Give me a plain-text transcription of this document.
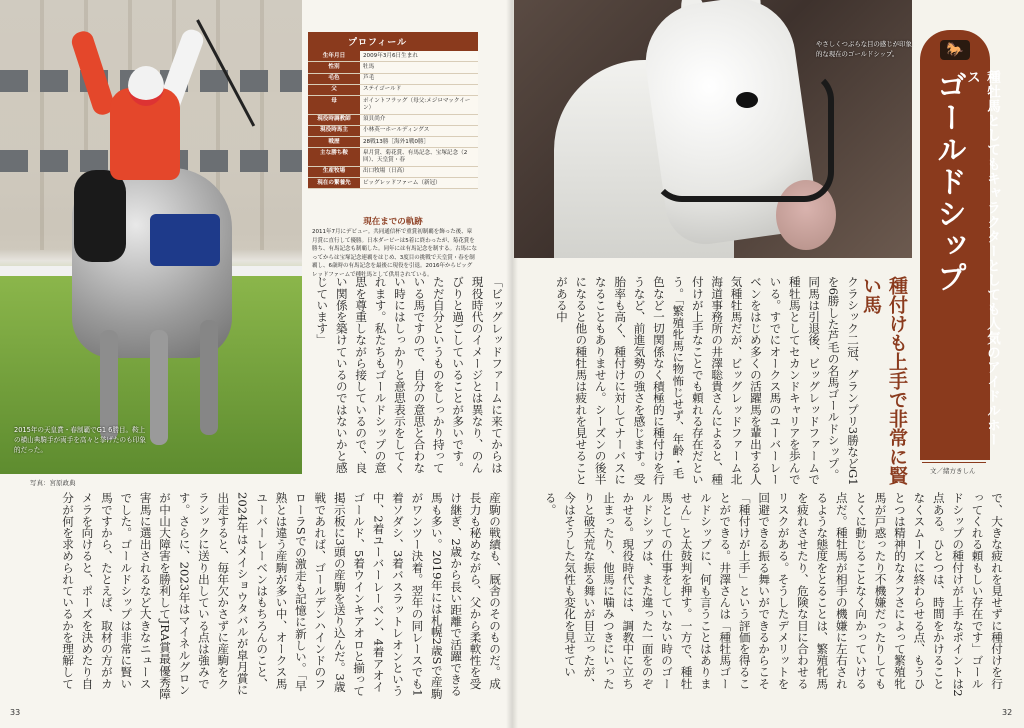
2015年の天皇賞・春制覇でG1 6勝目。鞍上の横山典騎手が両手を高々と挙げたのも印象的だった。
写真：宮原政典
プロフィール
生年月日	2009年3月6日生まれ
性別	牡馬
毛色	芦毛
父	ステイゴールド
母	ポイントフラッグ（母父:メジロマックイーン）
現役時調教師	須貝尚介
現役時馬主	小林英一ホールディングス
戦歴	28戦13勝［海外1戦0勝］
主な勝ち鞍	皐月賞、菊花賞、有馬記念、宝塚記念（2回）、天皇賞・春
生産牧場	出口牧場（日高）
現在の繋養先	ビッグレッドファーム（新冠）
現在までの軌跡
2011年7月にデビュー。共同通信杯で重賞初制覇を飾った後、皐月賞に直行して優勝。日本ダービーは5着に終わったが、菊花賞を勝ち、有馬記念も制覇した。同年には有馬記念を制する。古馬になってからは宝塚記念連覇をはじめ、3度目の挑戦で天皇賞・春を制覇し、6歳時の有馬記念を最後に現役を引退。2016年からビッグレッドファームで種牡馬として供用されている。
「ビッグレッドファームに来てからは現役時代のイメージとは異なり、のんびりと過ごしていることが多いです。ただ自分というものをしっかり持っている馬ですので、自分の意思と合わない時にはしっかりと意思表示をしてくれます。私たちもゴールドシップの意思を尊重しながら接しているので、良い関係を築けているのではないかと感じています」
産駒の戦績も、厩舎のそのものだ。成長力も秘めながら、父から柔軟性を受け継ぎ、2歳から長い距離で活躍できる馬も多い。2019年には札幌2歳Sで産駒がワンツー決着。翌年の同レースでも1着ソダシ、3着バスラットレオンという中、2着ユーバーレーベン、4着アオイゴールド、5着ウインキアオロと揃って掲示板に3頭の産駒を送り込んだ。3歳戦であれば、ゴールデンハインドのフローラSでの激走も記憶に新しい。「早熟とは違う産駒が多い中、オークス馬ユーバーレーベンはもちろんのこと、2024年はメイショウタバルが皐月賞に出走すると、毎年欠かさずに産駒をクラシックに送り出している点は強みです。さらに、2023年はマイネルグロンが中山大障害を勝利してJRA賞最優秀障害馬に選出されるなど大きなニュースでした。ゴールドシップは非常に賢い馬ですから、たとえば、取材の方がカメラを向けると、ポーズを決めたり自分が何を求められているかを理解して
やさしくつぶらな目の感じが印象的な現在のゴールドシップ。	🐎
種牡馬としてもキャラクターとしても人気のアイドルホース
ゴールドシップ
文／緒方きしん
種付けも上手で非常に賢い馬
クラシック二冠、グランプリ3勝などG1を6勝した芦毛の名馬ゴールドシップ。同馬は引退後、ビッグレッドファームで種牡馬としてセカンドキャリアを歩んでいる。すでにオークス馬のユーバーレーベンをはじめ多くの活躍馬を輩出する人気種牡馬だが、ビッグレッドファーム北海道事務所の井澤聡貴さんによると、種付けが上手なことでも頼れる存在だという。「繁殖牝馬に物怖じせず、年齢・毛色など一切関係なく積極的に種付けを行うなど、前進気勢の強さを感じます。受胎率も高く、種付けに対してナーバスになることもありません。シーズンの後半になると他の種牡馬は疲れを見せることがある中
で、大きな疲れを見せずに種付けを行ってくれる頼もしい存在です」ゴールドシップの種付けが上手なポイントは2点ある。ひとつは、時間をかけることなくスムーズに終わらせる点、もうひとつは精神的なタフさによって繁殖牝馬が戸惑ったり不機嫌だったりしてもとくに動じることなく向かっていける点だ。種牡馬が相手の機嫌に左右されるような態度をとることは、繁殖牝馬を疲れさせたり、危険な目に合わせるリスクがある。そうしたデメリットを回避できる振る舞いができるからこそ「種付けが上手」という評価を得ることができる。井澤さんは「種牡馬ゴールドシップに、何も言うことはありません」と太鼓判を押す。一方で、種牡馬としての仕事をしていない時のゴールドシップは、また違った一面をのぞかせる。現役時代には、調教中に立ち止まったり、他馬に噛みつきにいったりと破天荒な振る舞いが目立ったが、今はそうした気性も変化を見せている。
33	32
